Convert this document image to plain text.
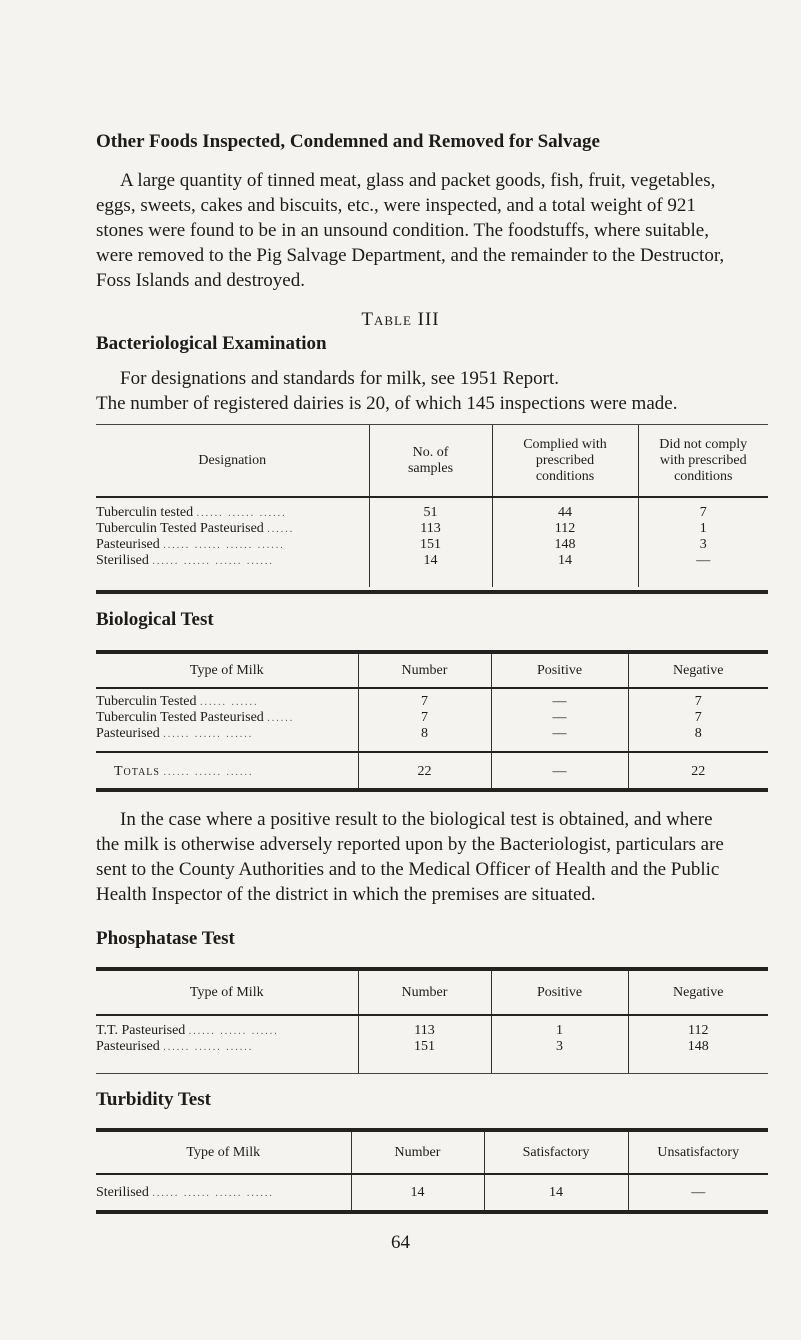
Other Foods Inspected, Condemned and Removed for Salvage
A large quantity of tinned meat, glass and packet goods, fish, fruit, vegetables,
eggs, sweets, cakes and biscuits, etc., were inspected, and a total weight of 921
stones were found to be in an unsound condition. The foodstuffs, where suitable,
were removed to the Pig Salvage Department, and the remainder to the Destructor,
Foss Islands and destroyed.
Table III
Bacteriological Examination
For designations and standards for milk, see 1951 Report.
The number of registered dairies is 20, of which 145 inspections were made.
Designation	No. of samples	Complied with prescribed conditions	Did not comply with prescribed conditions

Tuberculin tested ...... ...... ......	51	44	7
Tuberculin Tested Pasteurised ......	113	112	1
Pasteurised ...... ...... ...... ......	151	148	3
Sterilised ...... ...... ...... ......	14	14	—

Biological Test
Type of Milk	Number	Positive	Negative

Tuberculin Tested ...... ......	7	—	7
Tuberculin Tested Pasteurised ......	7	—	7
Pasteurised ...... ...... ......	8	—	8

Totals ...... ...... ......	22	—	22
In the case where a positive result to the biological test is obtained, and where
the milk is otherwise adversely reported upon by the Bacteriologist, particulars are
sent to the County Authorities and to the Medical Officer of Health and the Public
Health Inspector of the district in which the premises are situated.
Phosphatase Test
Type of Milk	Number	Positive	Negative

T.T. Pasteurised ...... ...... ......	113	1	112
Pasteurised ...... ...... ......	151	3	148

Turbidity Test
Type of Milk	Number	Satisfactory	Unsatisfactory
Sterilised ...... ...... ...... ......	14	14	—
64
